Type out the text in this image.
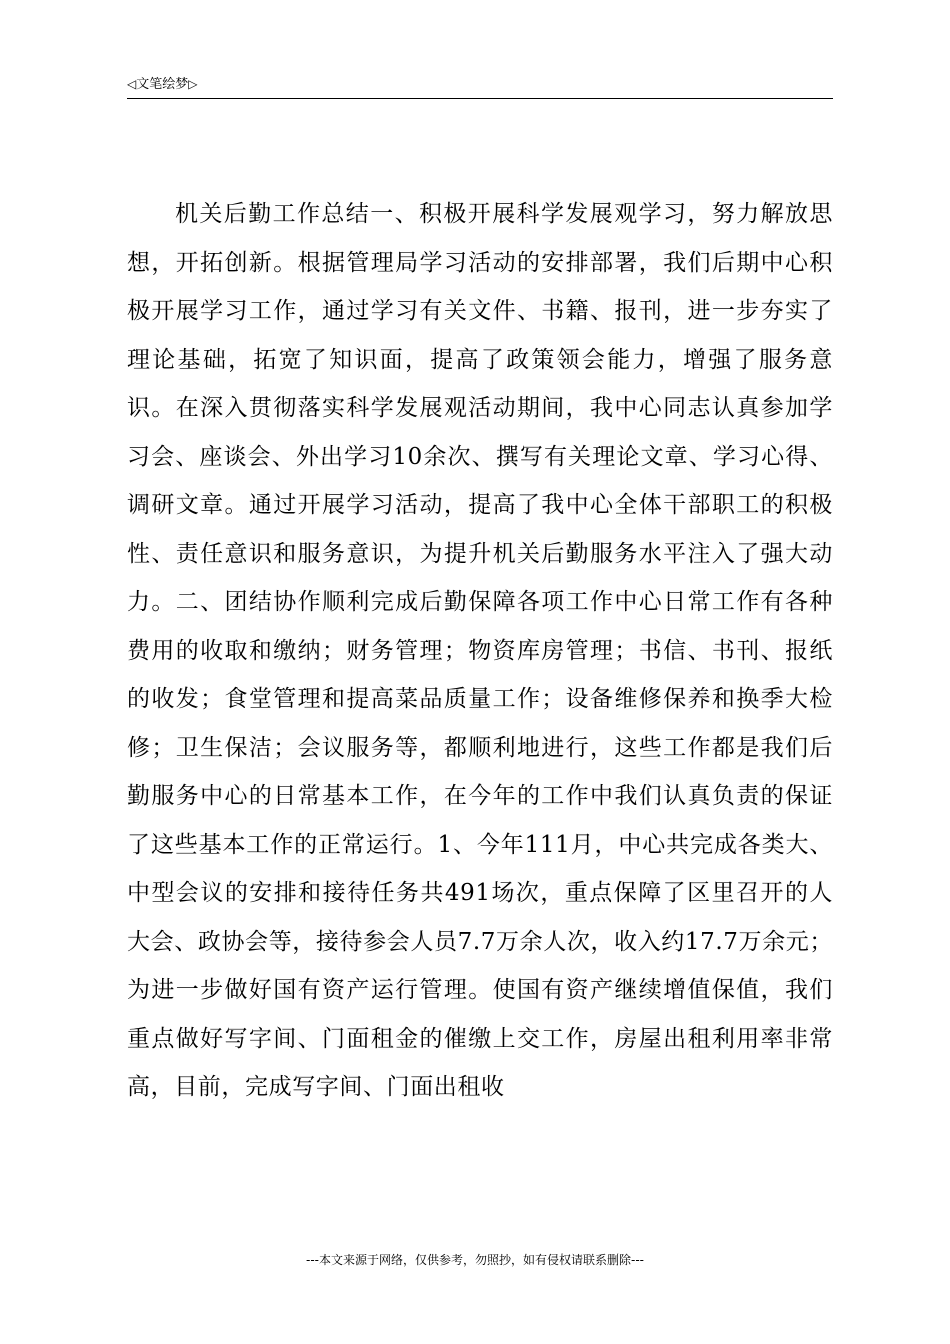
◁文笔绘梦▷

机关后勤工作总结一、积极开展科学发展观学习，努力解放思想，开拓创新。根据管理局学习活动的安排部署，我们后期中心积极开展学习工作，通过学习有关文件、书籍、报刊，进一步夯实了理论基础，拓宽了知识面，提高了政策领会能力，增强了服务意识。在深入贯彻落实科学发展观活动期间，我中心同志认真参加学习会、座谈会、外出学习10余次、撰写有关理论文章、学习心得、调研文章。通过开展学习活动，提高了我中心全体干部职工的积极性、责任意识和服务意识，为提升机关后勤服务水平注入了强大动力。二、团结协作顺利完成后勤保障各项工作中心日常工作有各种费用的收取和缴纳；财务管理；物资库房管理；书信、书刊、报纸的收发；食堂管理和提高菜品质量工作；设备维修保养和换季大检修；卫生保洁；会议服务等，都顺利地进行，这些工作都是我们后勤服务中心的日常基本工作，在今年的工作中我们认真负责的保证了这些基本工作的正常运行。1、今年111月，中心共完成各类大、中型会议的安排和接待任务共491场次，重点保障了区里召开的人大会、政协会等，接待参会人员7.7万余人次，收入约17.7万余元；为进一步做好国有资产运行管理。使国有资产继续增值保值，我们重点做好写字间、门面租金的催缴上交工作，房屋出租利用率非常高，目前，完成写字间、门面出租收

---本文来源于网络，仅供参考，勿照抄，如有侵权请联系删除---
